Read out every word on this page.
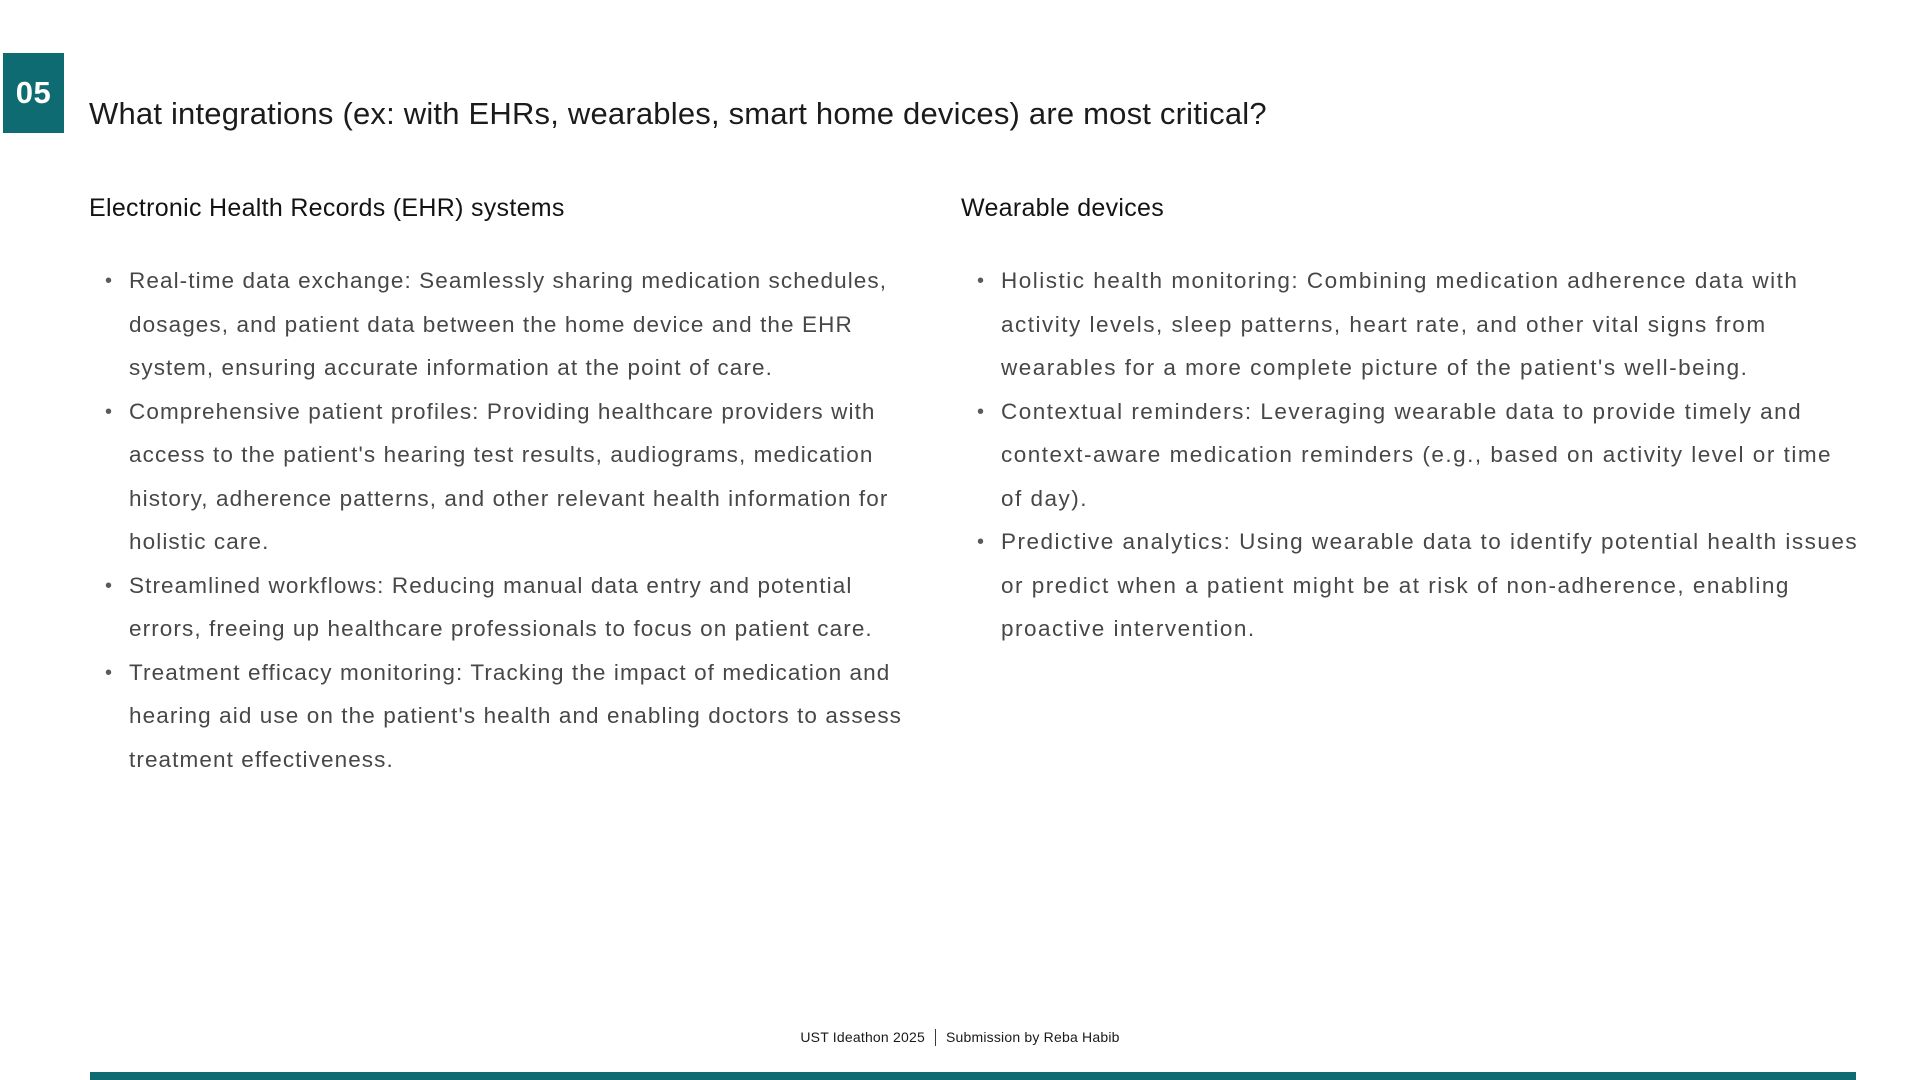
05
What integrations (ex: with EHRs, wearables, smart home devices) are most critical?
Electronic Health Records (EHR) systems
• Real-time data exchange: Seamlessly sharing medication schedules, dosages, and patient data between the home device and the EHR system, ensuring accurate information at the point of care.
• Comprehensive patient profiles: Providing healthcare providers with access to the patient's hearing test results, audiograms, medication history, adherence patterns, and other relevant health information for holistic care.
• Streamlined workflows: Reducing manual data entry and potential errors, freeing up healthcare professionals to focus on patient care.
• Treatment efficacy monitoring: Tracking the impact of medication and hearing aid use on the patient's health and enabling doctors to assess treatment effectiveness.
Wearable devices
• Holistic health monitoring: Combining medication adherence data with activity levels, sleep patterns, heart rate, and other vital signs from wearables for a more complete picture of the patient's well-being.
• Contextual reminders: Leveraging wearable data to provide timely and context-aware medication reminders (e.g., based on activity level or time of day).
• Predictive analytics: Using wearable data to identify potential health issues or predict when a patient might be at risk of non-adherence, enabling proactive intervention.
UST Ideathon 2025 Submission by Reba Habib
